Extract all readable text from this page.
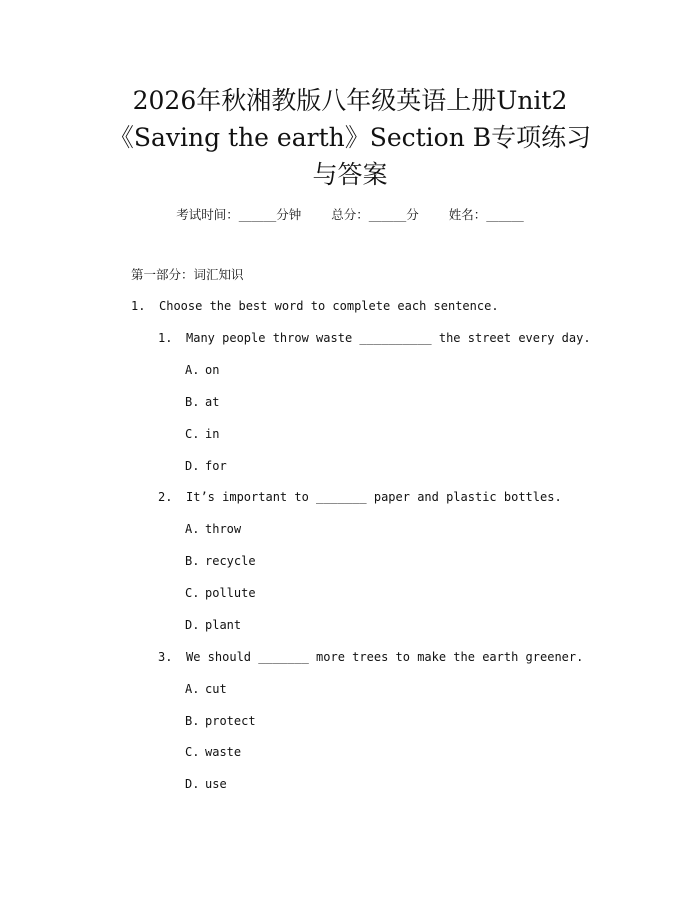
2026年秋湘教版八年级英语上册Unit2
《Saving the earth》Section B专项练习
与答案
考试时间：______分钟 总分：______分 姓名：______
第一部分：词汇知识
1. Choose the best word to complete each sentence.
1. Many people throw waste __________ the street every day.
A. on
B. at
C. in
D. for
2. It’s important to _______ paper and plastic bottles.
A. throw
B. recycle
C. pollute
D. plant
3. We should _______ more trees to make the earth greener.
A. cut
B. protect
C. waste
D. use
